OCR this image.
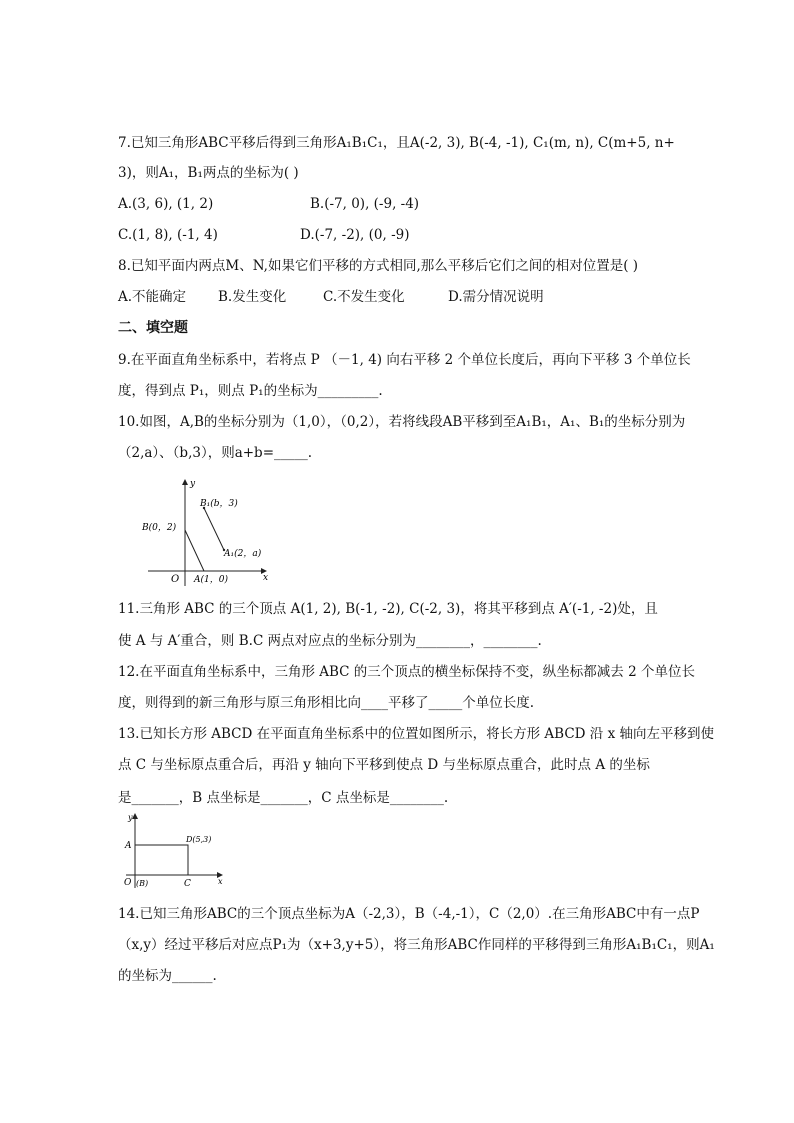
7.已知三角形ABC平移后得到三角形A₁B₁C₁，且A(-2, 3), B(-4, -1), C₁(m, n), C(m+5, n+
3)，则A₁，B₁两点的坐标为( )
A.(3, 6), (1, 2)	B.(-7, 0), (-9, -4)
C.(1, 8), (-1, 4)	D.(-7, -2), (0, -9)
8.已知平面内两点M、N,如果它们平移的方式相同,那么平移后它们之间的相对位置是( )
A.不能确定 B.发生变化	C.不发生变化	D.需分情况说明
二、填空题
9.在平面直角坐标系中，若将点 P （－1, 4) 向右平移 2 个单位长度后，再向下平移 3 个单位长
度，得到点 P₁，则点 P₁的坐标为_________.
10.如图，A,B的坐标分别为（1,0），（0,2），若将线段AB平移到至A₁B₁，A₁、B₁的坐标分别为
（2,a）、（b,3），则a+b=_____.
y
x
O
B(0，2)
A(1，0)
B₁(b，3)
A₁(2，a)
11.三角形 ABC 的三个顶点 A(1, 2), B(-1, -2), C(-2, 3)，将其平移到点 A′(-1, -2)处，且
使 A 与 A′重合，则 B.C 两点对应点的坐标分别为________，________.
12.在平面直角坐标系中，三角形 ABC 的三个顶点的横坐标保持不变，纵坐标都减去 2 个单位长
度，则得到的新三角形与原三角形相比向____平移了_____个单位长度.
13.已知长方形 ABCD 在平面直角坐标系中的位置如图所示，将长方形 ABCD 沿 x 轴向左平移到使
点 C 与坐标原点重合后，再沿 y 轴向下平移到使点 D 与坐标原点重合，此时点 A 的坐标
是_______，B 点坐标是_______，C 点坐标是________.
y
x
A
D(5,3)
O (B)	C
14.已知三角形ABC的三个顶点坐标为A（-2,3），B（-4,-1），C（2,0）.在三角形ABC中有一点P
（x,y）经过平移后对应点P₁为（x+3,y+5），将三角形ABC作同样的平移得到三角形A₁B₁C₁，则A₁
的坐标为______.
